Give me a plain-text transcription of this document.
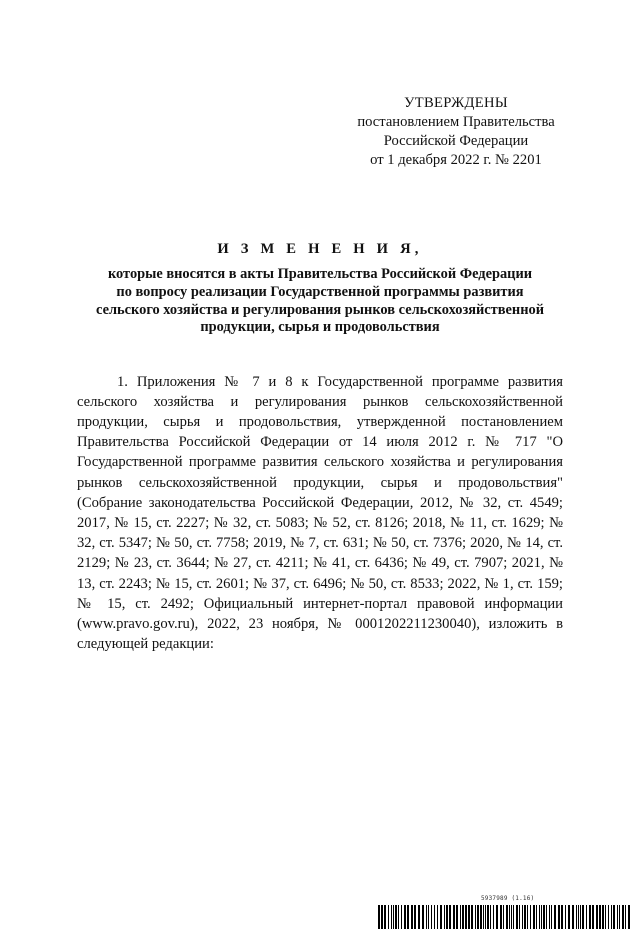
УТВЕРЖДЕНЫ
постановлением Правительства
Российской Федерации
от 1 декабря 2022 г. № 2201
И З М Е Н Е Н И Я,
которые вносятся в акты Правительства Российской Федерации
по вопросу реализации Государственной программы развития
сельского хозяйства и регулирования рынков сельскохозяйственной
продукции, сырья и продовольствия

1. Приложения № 7 и 8 к Государственной программе развития сельского хозяйства и регулирования рынков сельскохозяйственной продукции, сырья и продовольствия, утвержденной постановлением Правительства Российской Федерации от 14 июля 2012 г. № 717 "О Государственной программе развития сельского хозяйства и регулирования рынков сельскохозяйственной продукции, сырья и продовольствия" (Собрание законодательства Российской Федерации, 2012, № 32, ст. 4549; 2017, № 15, ст. 2227; № 32, ст. 5083; № 52, ст. 8126; 2018, № 11, ст. 1629; № 32, ст. 5347; № 50, ст. 7758; 2019, № 7, ст. 631; № 50, ст. 7376; 2020, № 14, ст. 2129; № 23, ст. 3644; № 27, ст. 4211; № 41, ст. 6436; № 49, ст. 7907; 2021, № 13, ст. 2243; № 15, ст. 2601; № 37, ст. 6496; № 50, ст. 8533; 2022, № 1, ст. 159; № 15, ст. 2492; Официальный интернет-портал правовой информации (www.pravo.gov.ru), 2022, 23 ноября, № 0001202211230040), изложить в следующей редакции:

5937989 (1.16)
